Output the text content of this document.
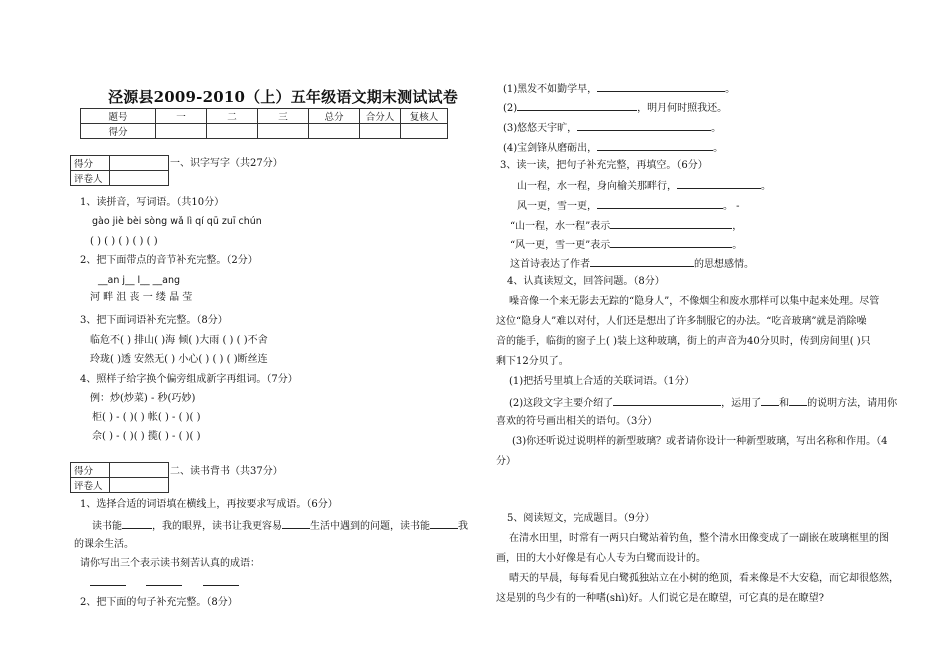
泾源县2009-2010（上）五年级语文期末测试试卷
题号	一	二	三	总分	合分人	复核人
得分						
得分	
评卷人	
一、识字写字（共27分）
1、读拼音，写词语。（共10分）
gào jiè bèi sòng wǎ lì qí qū zuī chún
( ) ( ) ( ) ( ) ( )
2、把下面带点的音节补充完整。（2分）
__an j__ l__ __ang
河 畔 沮 丧 一 缕 晶 莹
3、把下面词语补充完整。（8分）
临危不( ) 排山( )海 倾( )大雨 ( ) ( )不舍
玲珑( )透 安然无( ) 小心( ) ( ) ( )断丝连
4、照样子给字换个偏旁组成新字再组词。（7分）
例：炒(炒菜) - 秒(巧妙)
柜( ) - ( )( ) 帐( ) - ( )( )
佘( ) - ( )( ) 揽( ) - ( )( )
得分	
评卷人	
二、读书背书（共37分）
1、选择合适的词语填在横线上，再按要求写成语。（6分）
读书能	，我的眼界，读书让我更容易	生活中遇到的问题，读书能	我
的课余生活。
请你写出三个表示读书刻苦认真的成语：

2、把下面的句子补充完整。（8分）
(1)黑发不如勤学早，	。
(2)	，明月何时照我还。
(3)悠悠天宇旷，	。
(4)宝剑锋从磨砺出，	。
3、读一读，把句子补充完整，再填空。（6分）
山一程，水一程，身向榆关那畔行，	。
风一更，雪一更，	。 -
“山一程，水一程”表示	，
“风一更，雪一更”表示	。
这首诗表达了作者	的思想感情。
4、认真读短文，回答问题。（8分）
噪音像一个来无影去无踪的“隐身人”，不像烟尘和废水那样可以集中起来处理。尽管
这位“隐身人”难以对付，人们还是想出了许多制服它的办法。“吃音玻璃”就是消除噪
音的能手，临街的窗子上( )装上这种玻璃，街上的声音为40分贝时，传到房间里( )只
剩下12分贝了。
(1)把括号里填上合适的关联词语。（1分）
(2)这段文字主要介绍了	，运用了 和 的说明方法，请用你
喜欢的符号画出相关的语句。（3分）
(3)你还听说过说明样的新型玻璃？或者请你设计一种新型玻璃，写出名称和作用。（4
分）
5、阅读短文，完成题目。（9分）
在清水田里，时常有一两只白鹭站着钓鱼，整个清水田像变成了一副嵌在玻璃框里的图
画，田的大小好像是有心人专为白鹭而设计的。
晴天的早晨，每每看见白鹭孤独站立在小树的绝顶，看来像是不大安稳，而它却很悠然，
这是别的鸟少有的一种嗜(shì)好。人们说它是在瞭望，可它真的是在瞭望?
